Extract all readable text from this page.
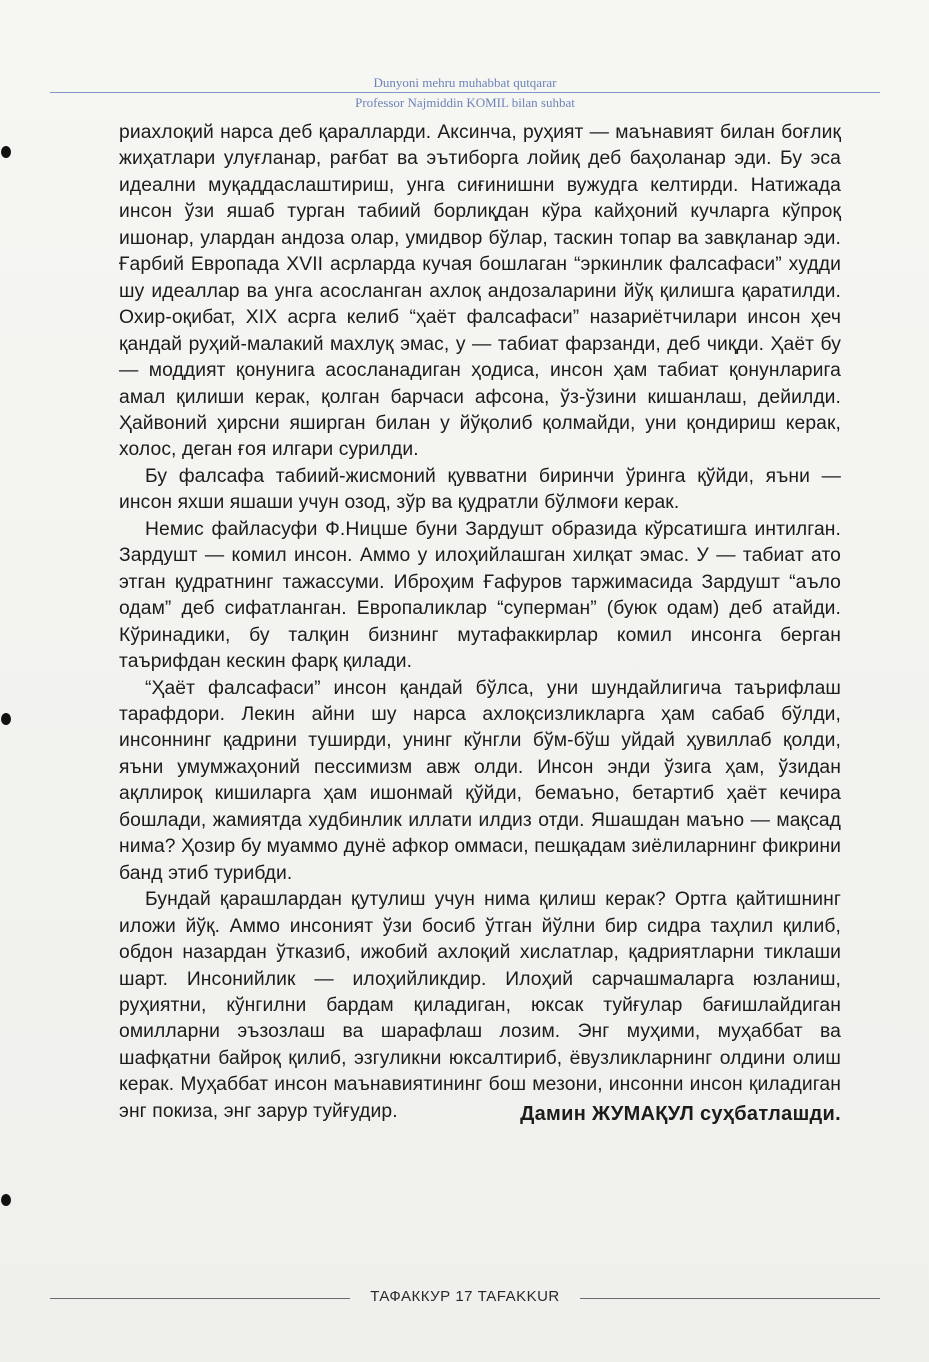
Dunyoni mehru muhabbat qutqarar
Professor Najmiddin KOMIL bilan suhbat

риахлоқий нарса деб қаралларди. Аксинча, руҳият — маънавият билан боғлиқ жиҳатлари улуғланар, рағбат ва эътиборга лойиқ деб баҳоланар эди. Бу эса идеални муқаддаслаштириш, унга сиғинишни вужудга келтирди. Натижада инсон ўзи яшаб турган табиий борлиқдан кўра кайҳоний кучларга кўпроқ ишонар, улардан андоза олар, умидвор бўлар, таскин топар ва завқланар эди. Ғарбий Европада XVII асрларда кучая бошлаган “эркинлик фалсафаси” худди шу идеаллар ва унга асосланган ахлоқ андозаларини йўқ қилишга қаратилди. Охир-оқибат, XIX асрга келиб “ҳаёт фалсафаси” назариётчилари инсон ҳеч қандай руҳий-малакий махлуқ эмас, у — табиат фарзанди, деб чиқди. Ҳаёт бу — моддият қонунига асосланадиган ҳодиса, инсон ҳам табиат қонунларига амал қилиши керак, қолган барчаси афсона, ўз-ўзини кишанлаш, дейилди. Ҳайвоний ҳирсни яширган билан у йўқолиб қолмайди, уни қондириш керак, холос, деган ғоя илгари сурилди.

Бу фалсафа табиий-жисмоний қувватни биринчи ўринга қўйди, яъни — инсон яхши яшаши учун озод, зўр ва қудратли бўлмоғи керак.

Немис файласуфи Ф.Ницше буни Зардушт образида кўрсатишга интилган. Зардушт — комил инсон. Аммо у илоҳийлашган хилқат эмас. У — табиат ато этган қудратнинг тажассуми. Иброҳим Ғафуров таржимасида Зардушт “аъло одам” деб сифатланган. Европаликлар “суперман” (буюк одам) деб атайди. Кўринадики, бу талқин бизнинг мутафаккирлар комил инсонга берган таърифдан кескин фарқ қилади.

“Ҳаёт фалсафаси” инсон қандай бўлса, уни шундайлигича таърифлаш тарафдори. Лекин айни шу нарса ахлоқсизликларга ҳам сабаб бўлди, инсоннинг қадрини туширди, унинг кўнгли бўм-бўш уйдай ҳувиллаб қолди, яъни умумжаҳоний пессимизм авж олди. Инсон энди ўзига ҳам, ўзидан ақллироқ кишиларга ҳам ишонмай қўйди, бемаъно, бетартиб ҳаёт кечира бошлади, жамиятда худбинлик иллати илдиз отди. Яшашдан маъно — мақсад нима? Ҳозир бу муаммо дунё афкор оммаси, пешқадам зиёлиларнинг фикрини банд этиб турибди.

Бундай қарашлардан қутулиш учун нима қилиш керак? Ортга қайтишнинг иложи йўқ. Аммо инсоният ўзи босиб ўтган йўлни бир сидра таҳлил қилиб, обдон назардан ўтказиб, ижобий ахлоқий хислатлар, қадриятларни тиклаши шарт. Инсонийлик — илоҳийликдир. Илоҳий сарчашмаларга юзланиш, руҳиятни, кўнгилни бардам қиладиган, юксак туйғулар бағишлайдиган омилларни эъзозлаш ва шарафлаш лозим. Энг муҳими, муҳаббат ва шафқатни байроқ қилиб, эзгуликни юксалтириб, ёвузликларнинг олдини олиш керак. Муҳаббат инсон маънавиятининг бош мезони, инсонни инсон қиладиган энг покиза, энг зарур туйғудир.	Дамин ЖУМАҚУЛ суҳбатлашди.
ТАФАККУР 17 TAFAKKUR
